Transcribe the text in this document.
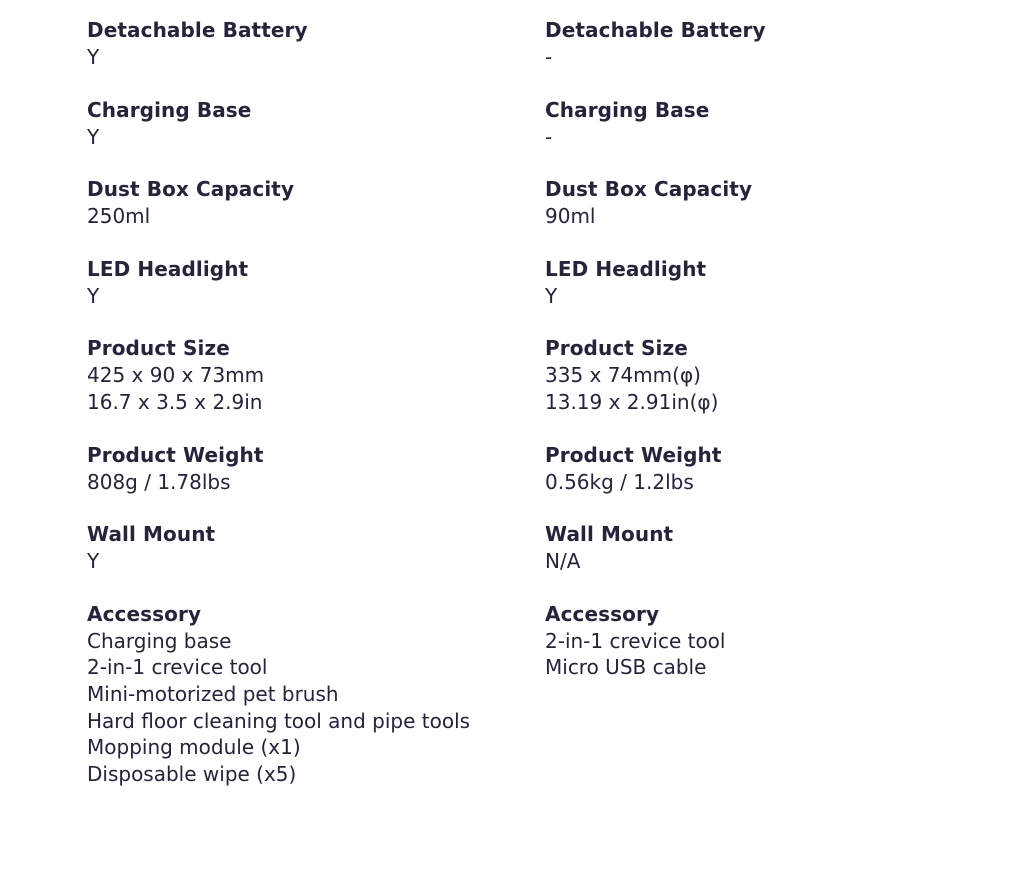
Detachable Battery
Y
Charging Base
Y
Dust Box Capacity
250ml
LED Headlight
Y
Product Size
425 x 90 x 73mm
16.7 x 3.5 x 2.9in
Product Weight
808g / 1.78lbs
Wall Mount
Y
Accessory
Charging base
2-in-1 crevice tool
Mini-motorized pet brush
Hard floor cleaning tool and pipe tools
Mopping module (x1)
Disposable wipe (x5)
Detachable Battery
-
Charging Base
-
Dust Box Capacity
90ml
LED Headlight
Y
Product Size
335 x 74mm(φ)
13.19 x 2.91in(φ)
Product Weight
0.56kg / 1.2lbs
Wall Mount
N/A
Accessory
2-in-1 crevice tool
Micro USB cable
